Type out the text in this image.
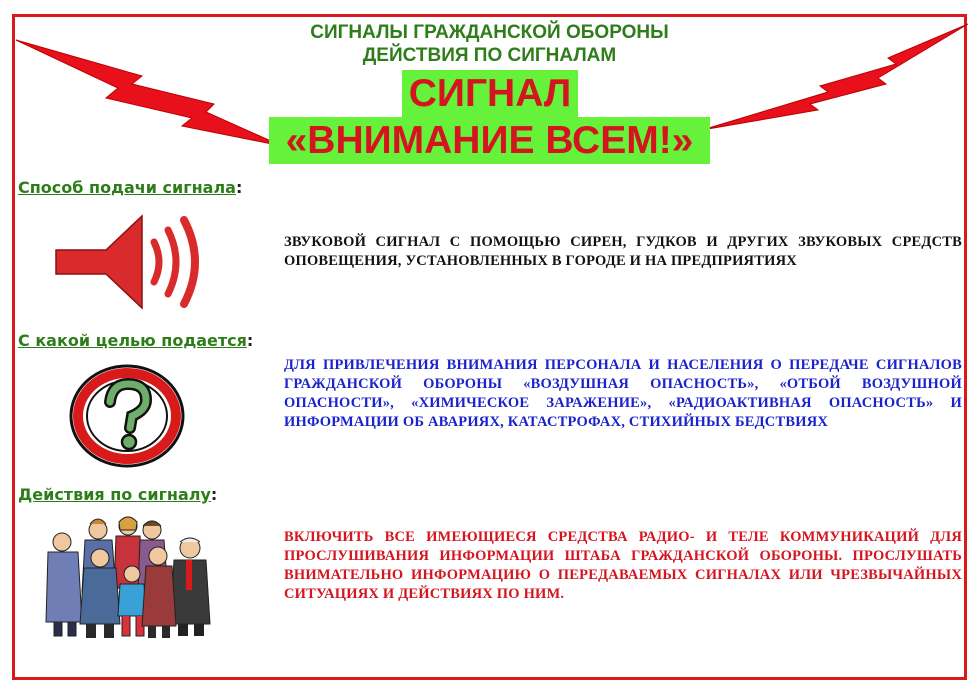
СИГНАЛЫ ГРАЖДАНСКОЙ ОБОРОНЫ
ДЕЙСТВИЯ ПО СИГНАЛАМ
СИГНАЛ
«ВНИМАНИЕ ВСЕМ!»
Способ подачи сигнала:
ЗВУКОВОЙ СИГНАЛ С ПОМОЩЬЮ СИРЕН, ГУДКОВ И ДРУГИХ ЗВУКОВЫХ СРЕДСТВ ОПОВЕЩЕНИЯ, УСТАНОВЛЕННЫХ В ГОРОДЕ И НА ПРЕДПРИЯТИЯХ
С какой целью подается:
ДЛЯ ПРИВЛЕЧЕНИЯ ВНИМАНИЯ ПЕРСОНАЛА И НАСЕЛЕНИЯ О ПЕРЕДАЧЕ СИГНАЛОВ ГРАЖДАНСКОЙ ОБОРОНЫ «ВОЗДУШНАЯ ОПАСНОСТЬ», «ОТБОЙ ВОЗДУШНОЙ ОПАСНОСТИ», «ХИМИЧЕСКОЕ ЗАРАЖЕНИЕ», «РАДИОАКТИВНАЯ ОПАСНОСТЬ» И ИНФОРМАЦИИ ОБ АВАРИЯХ, КАТАСТРОФАХ, СТИХИЙНЫХ БЕДСТВИЯХ
Действия по сигналу:
ВКЛЮЧИТЬ ВСЕ ИМЕЮЩИЕСЯ СРЕДСТВА РАДИО- И ТЕЛЕ КОММУНИКАЦИЙ ДЛЯ ПРОСЛУШИВАНИЯ ИНФОРМАЦИИ ШТАБА ГРАЖДАНСКОЙ ОБОРОНЫ. ПРОСЛУШАТЬ ВНИМАТЕЛЬНО ИНФОРМАЦИЮ О ПЕРЕДАВАЕМЫХ СИГНАЛАХ ИЛИ ЧРЕЗВЫЧАЙНЫХ СИТУАЦИЯХ И ДЕЙСТВИЯХ ПО НИМ.
